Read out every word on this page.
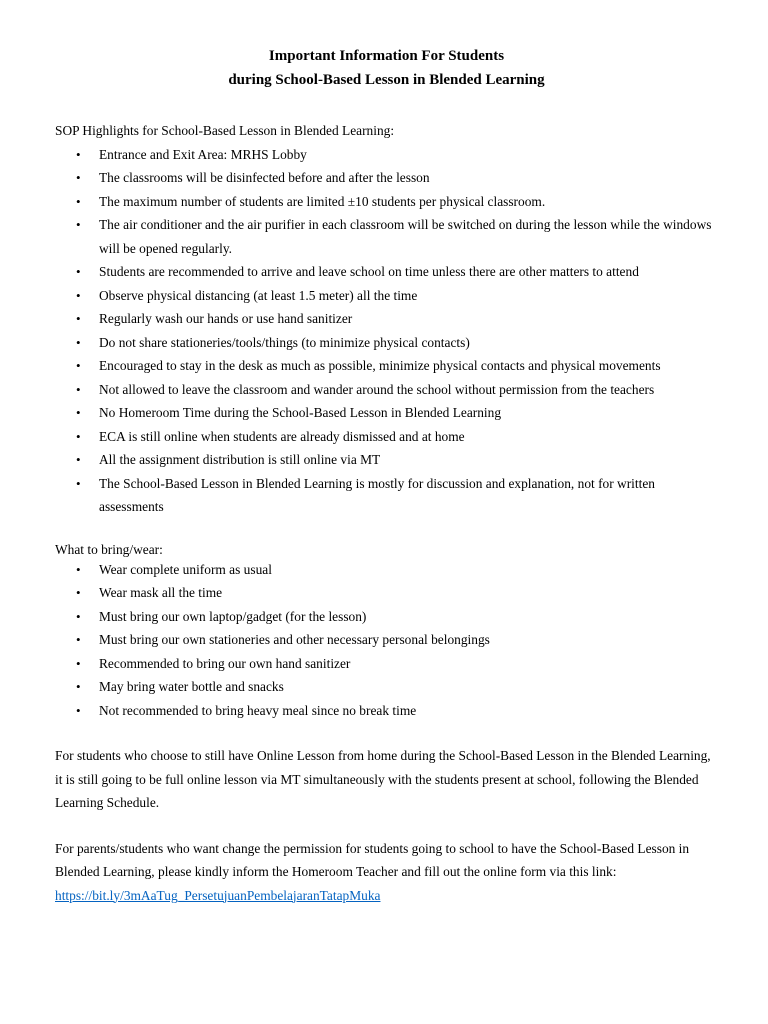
Important Information For Students
during School-Based Lesson in Blended Learning
SOP Highlights for School-Based Lesson in Blended Learning:
• Entrance and Exit Area: MRHS Lobby
• The classrooms will be disinfected before and after the lesson
• The maximum number of students are limited ±10 students per physical classroom.
• The air conditioner and the air purifier in each classroom will be switched on during the lesson while the windows will be opened regularly.
• Students are recommended to arrive and leave school on time unless there are other matters to attend
• Observe physical distancing (at least 1.5 meter) all the time
• Regularly wash our hands or use hand sanitizer
• Do not share stationeries/tools/things (to minimize physical contacts)
• Encouraged to stay in the desk as much as possible, minimize physical contacts and physical movements
• Not allowed to leave the classroom and wander around the school without permission from the teachers
• No Homeroom Time during the School-Based Lesson in Blended Learning
• ECA is still online when students are already dismissed and at home
• All the assignment distribution is still online via MT
• The School-Based Lesson in Blended Learning is mostly for discussion and explanation, not for written assessments
What to bring/wear:
• Wear complete uniform as usual
• Wear mask all the time
• Must bring our own laptop/gadget (for the lesson)
• Must bring our own stationeries and other necessary personal belongings
• Recommended to bring our own hand sanitizer
• May bring water bottle and snacks
• Not recommended to bring heavy meal since no break time

For students who choose to still have Online Lesson from home during the School-Based Lesson in the Blended Learning, it is still going to be full online lesson via MT simultaneously with the students present at school, following the Blended Learning Schedule.

For parents/students who want change the permission for students going to school to have the School-Based Lesson in Blended Learning, please kindly inform the Homeroom Teacher and fill out the online form via this link: https://bit.ly/3mAaTug_PersetujuanPembelajaranTatapMuka
